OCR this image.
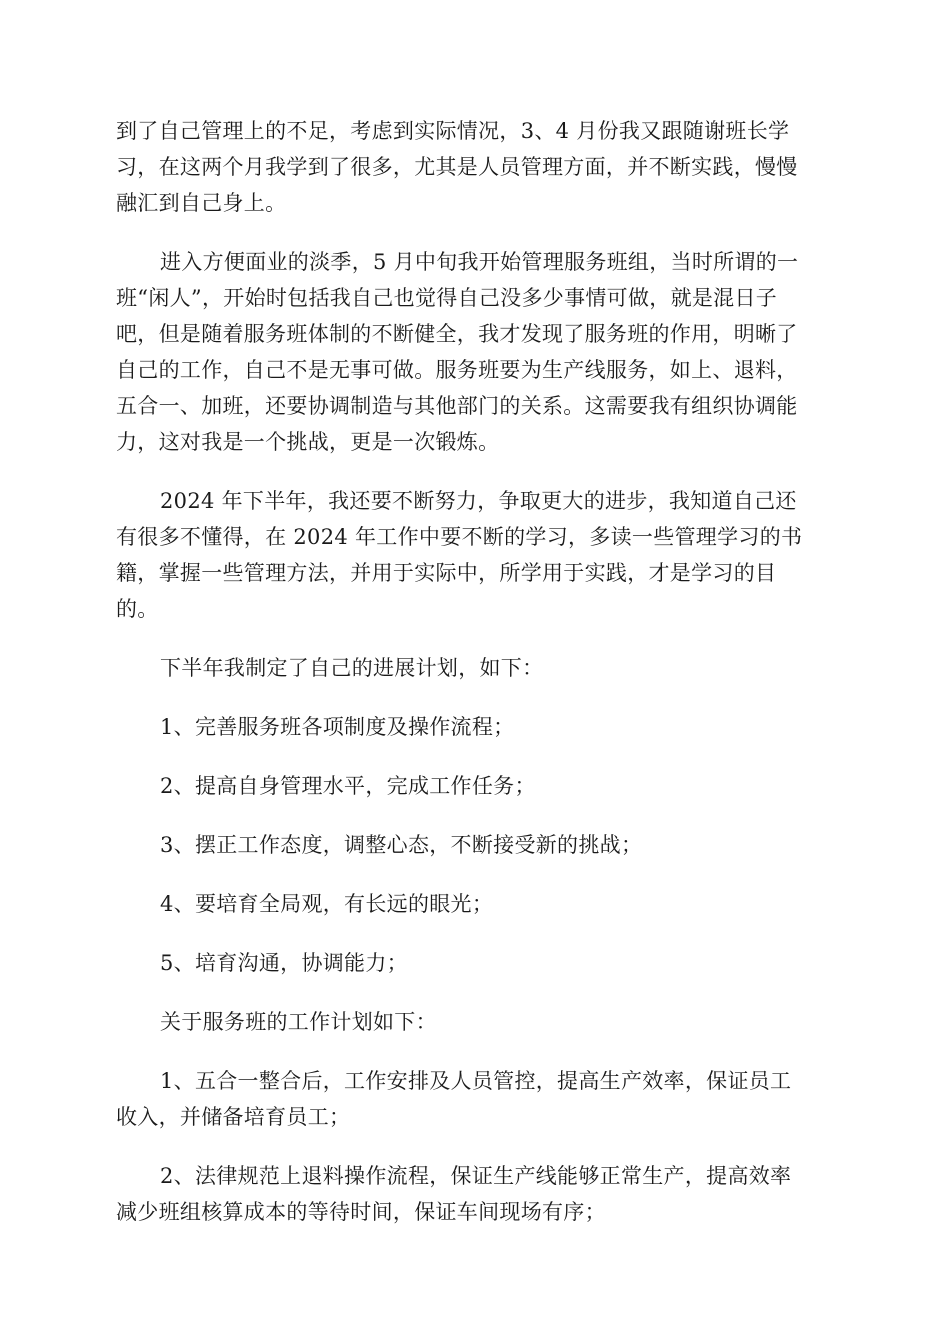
到了自己管理上的不足，考虑到实际情况，3、4 月份我又跟随谢班长学
习，在这两个月我学到了很多，尤其是人员管理方面，并不断实践，慢慢
融汇到自己身上。
进入方便面业的淡季，5 月中旬我开始管理服务班组，当时所谓的一
班“闲人”，开始时包括我自己也觉得自己没多少事情可做，就是混日子
吧，但是随着服务班体制的不断健全，我才发现了服务班的作用，明晰了
自己的工作，自己不是无事可做。服务班要为生产线服务，如上、退料，
五合一、加班，还要协调制造与其他部门的关系。这需要我有组织协调能
力，这对我是一个挑战，更是一次锻炼。
2024 年下半年，我还要不断努力，争取更大的进步，我知道自己还
有很多不懂得，在 2024 年工作中要不断的学习，多读一些管理学习的书
籍，掌握一些管理方法，并用于实际中，所学用于实践，才是学习的目
的。
下半年我制定了自己的进展计划，如下：
1、完善服务班各项制度及操作流程；
2、提高自身管理水平，完成工作任务；
3、摆正工作态度，调整心态，不断接受新的挑战；
4、要培育全局观，有长远的眼光；
5、培育沟通，协调能力；
关于服务班的工作计划如下：
1、五合一整合后，工作安排及人员管控，提高生产效率，保证员工
收入，并储备培育员工；
2、法律规范上退料操作流程，保证生产线能够正常生产，提高效率
减少班组核算成本的等待时间，保证车间现场有序；
